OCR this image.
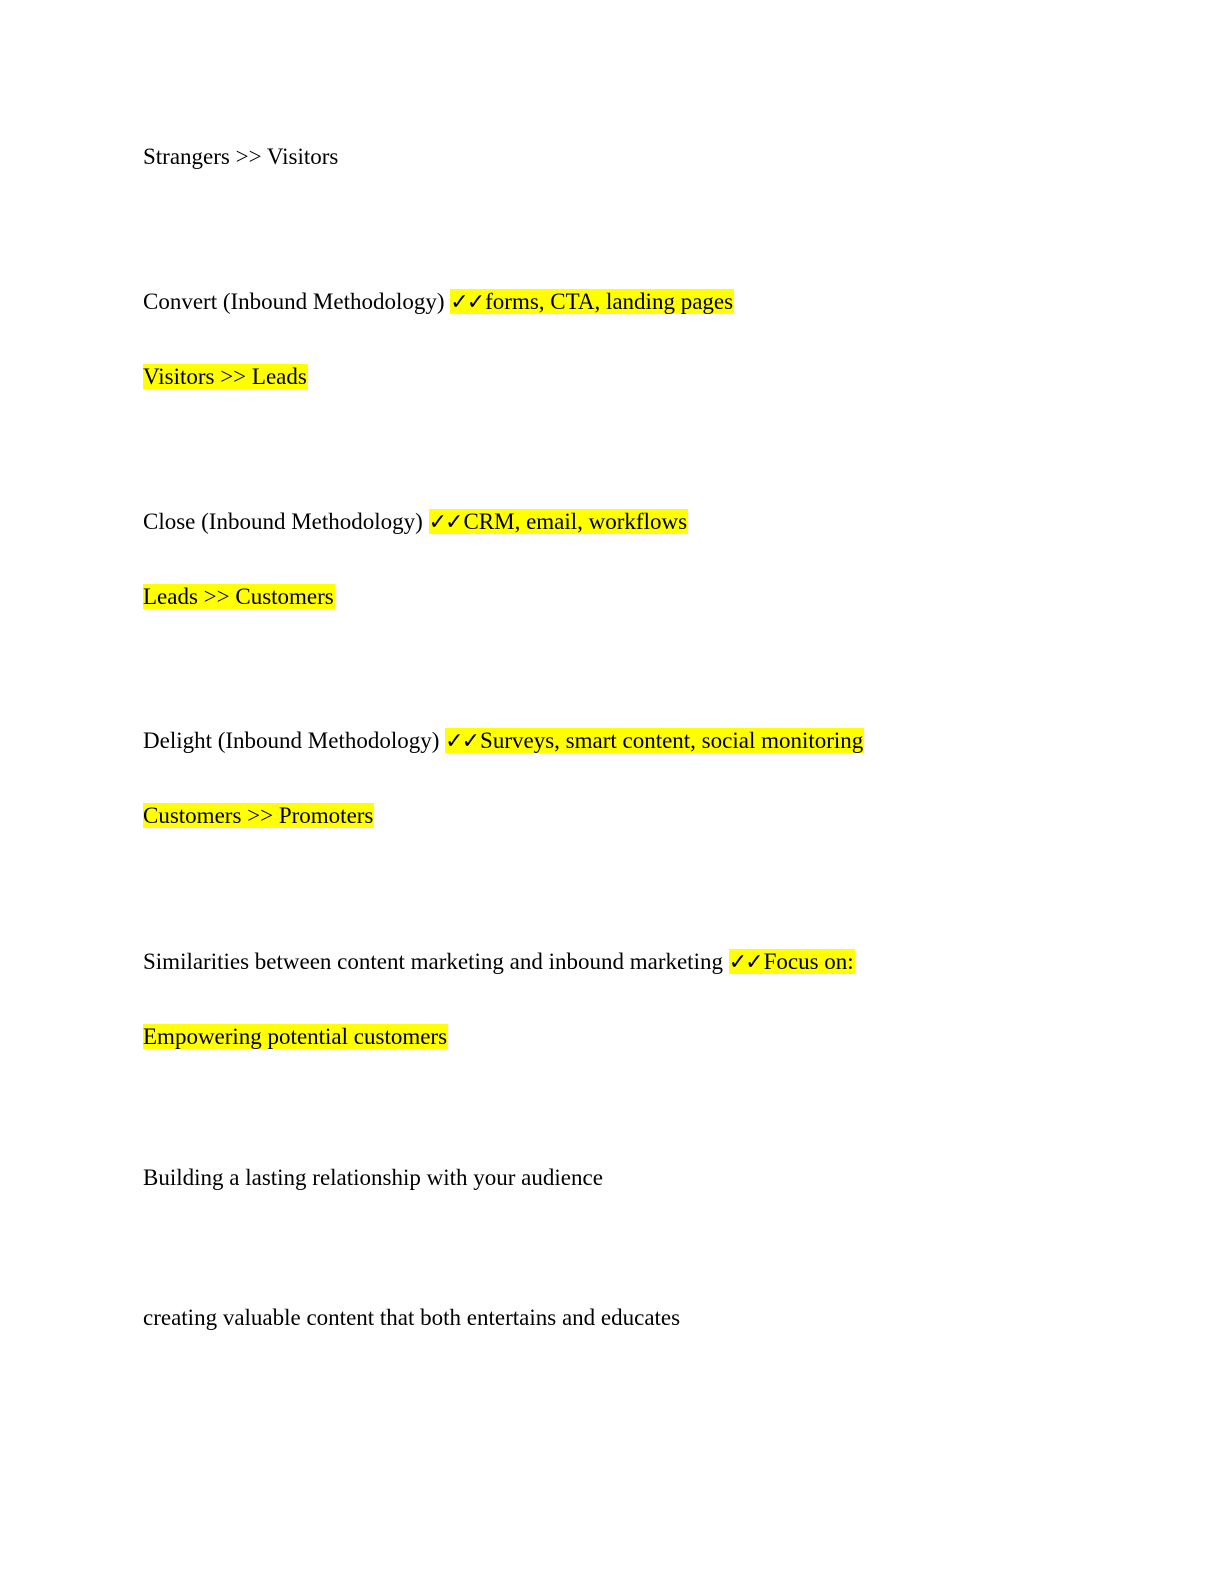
Strangers >> Visitors
Convert (Inbound Methodology) ✓✓forms, CTA, landing pages
Visitors >> Leads
Close (Inbound Methodology) ✓✓CRM, email, workflows
Leads >> Customers
Delight (Inbound Methodology) ✓✓Surveys, smart content, social monitoring
Customers >> Promoters
Similarities between content marketing and inbound marketing ✓✓Focus on:
Empowering potential customers
Building a lasting relationship with your audience
creating valuable content that both entertains and educates
